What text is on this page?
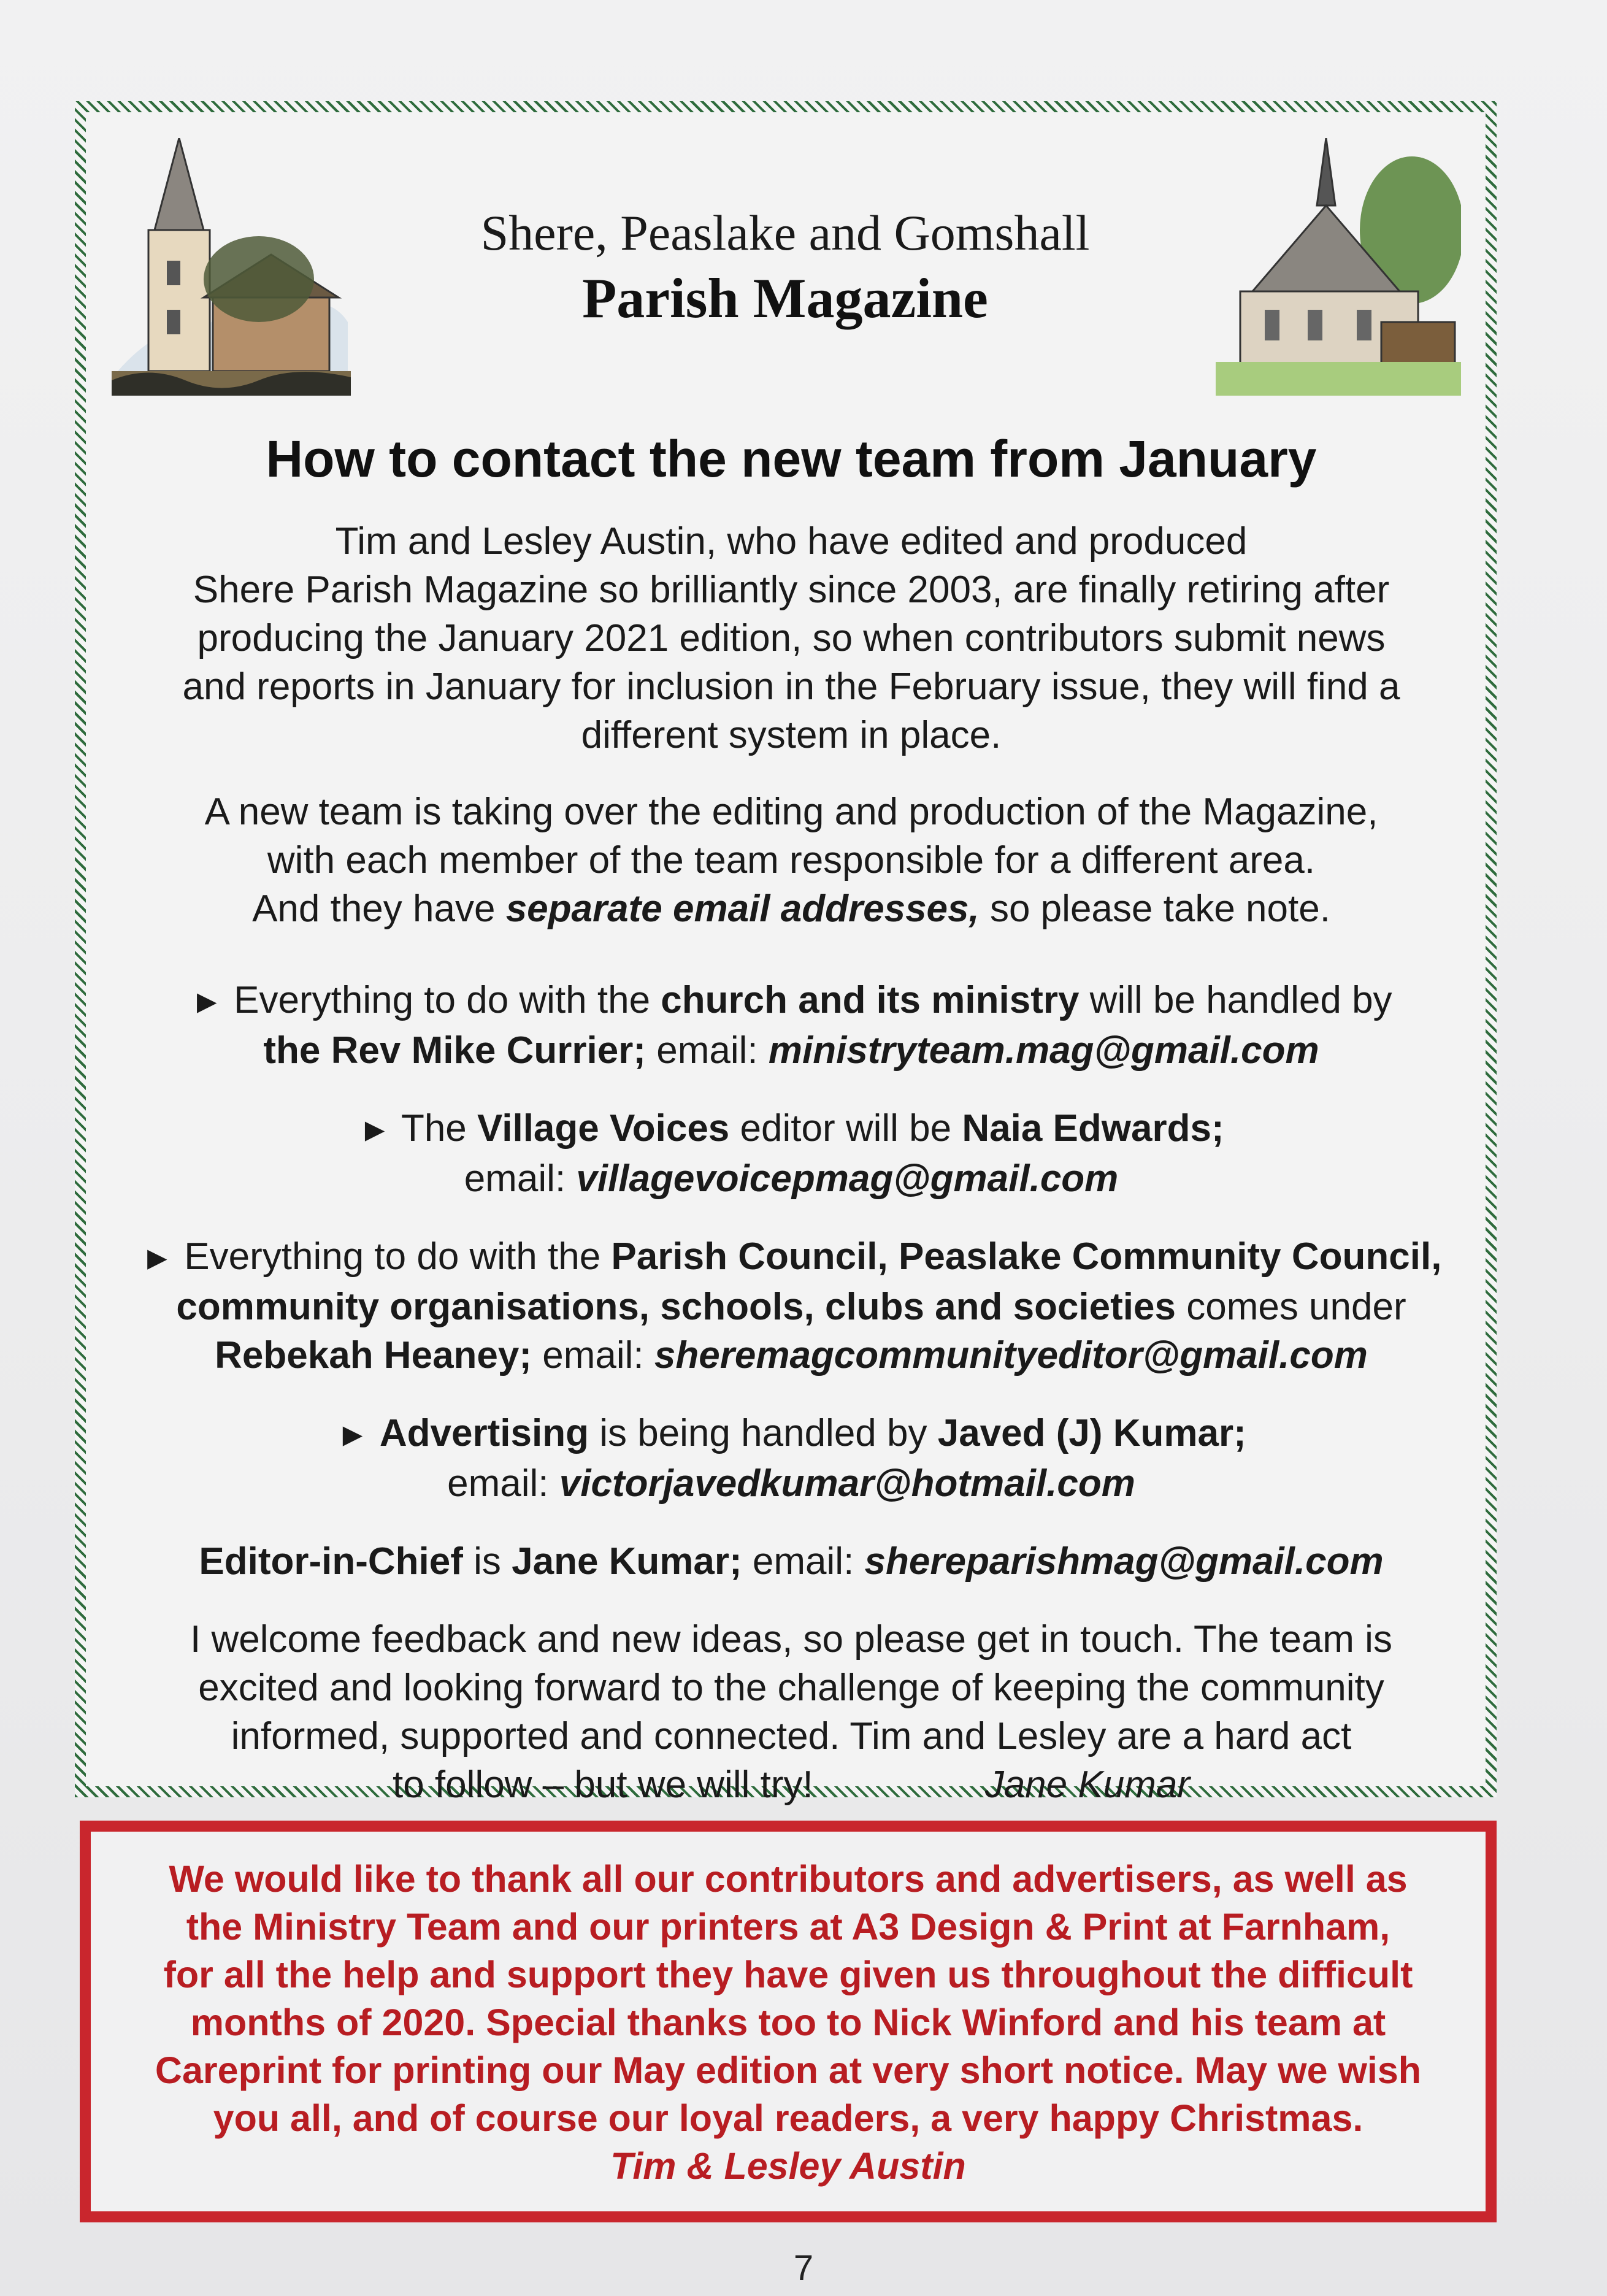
Shere, Peaslake and Gomshall
Parish Magazine
How to contact the new team from January

Tim and Lesley Austin, who have edited and produced
Shere Parish Magazine so brilliantly since 2003, are finally retiring after
producing the January 2021 edition, so when contributors submit news
and reports in January for inclusion in the February issue, they will find a
different system in place.

A new team is taking over the editing and production of the Magazine,
with each member of the team responsible for a different area.
And they have separate email addresses, so please take note.

► Everything to do with the church and its ministry will be handled by
the Rev Mike Currier; email: ministryteam.mag@gmail.com

► The Village Voices editor will be Naia Edwards;
email: villagevoicepmag@gmail.com

► Everything to do with the Parish Council, Peaslake Community Council,
community organisations, schools, clubs and societies comes under
Rebekah Heaney; email: sheremagcommunityeditor@gmail.com

► Advertising is being handled by Javed (J) Kumar;
email: victorjavedkumar@hotmail.com

Editor-in-Chief is Jane Kumar; email: shereparishmag@gmail.com

I welcome feedback and new ideas, so please get in touch. The team is
excited and looking forward to the challenge of keeping the community
informed, supported and connected. Tim and Lesley are a hard act
to follow – but we will try!	Jane Kumar

We would like to thank all our contributors and advertisers, as well as
the Ministry Team and our printers at A3 Design & Print at Farnham,
for all the help and support they have given us throughout the difficult
months of 2020. Special thanks too to Nick Winford and his team at
Careprint for printing our May edition at very short notice. May we wish
you all, and of course our loyal readers, a very happy Christmas.
Tim & Lesley Austin
7
